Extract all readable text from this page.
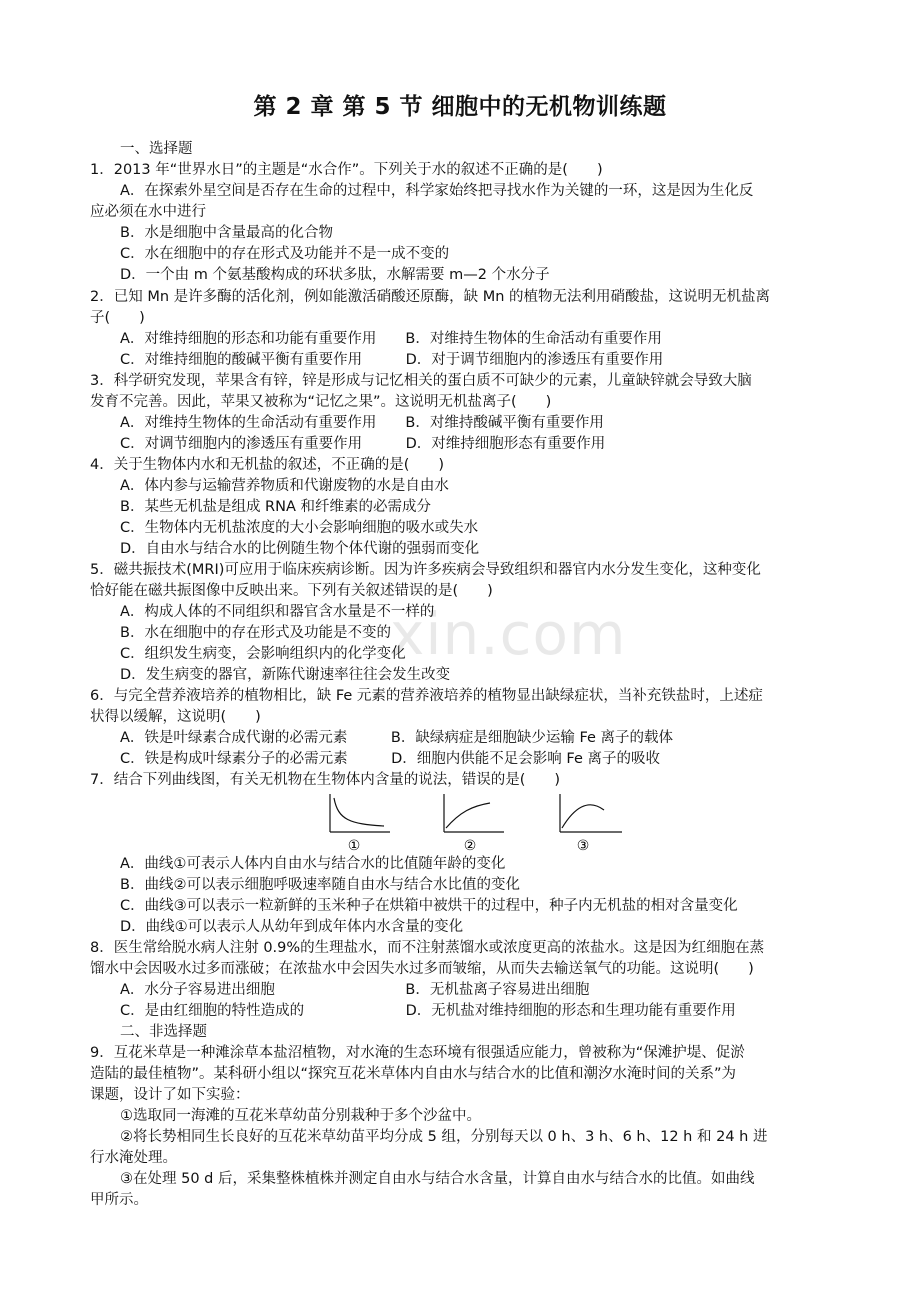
第 2 章 第 5 节 细胞中的无机物训练题
xin.com
一、选择题
1．2013 年“世界水日”的主题是“水合作”。下列关于水的叙述不正确的是(　　)
A．在探索外星空间是否存在生命的过程中，科学家始终把寻找水作为关键的一环，这是因为生化反
应必须在水中进行
B．水是细胞中含量最高的化合物
C．水在细胞中的存在形式及功能并不是一成不变的
D．一个由 m 个氨基酸构成的环状多肽，水解需要 m—2 个水分子
2．已知 Mn 是许多酶的活化剂，例如能激活硝酸还原酶，缺 Mn 的植物无法利用硝酸盐，这说明无机盐离
子(　　)
A．对维持细胞的形态和功能有重要作用　　B．对维持生物体的生命活动有重要作用
C．对维持细胞的酸碱平衡有重要作用　　　D．对于调节细胞内的渗透压有重要作用
3．科学研究发现，苹果含有锌，锌是形成与记忆相关的蛋白质不可缺少的元素，儿童缺锌就会导致大脑
发育不完善。因此，苹果又被称为“记忆之果”。这说明无机盐离子(　　)
A．对维持生物体的生命活动有重要作用　　B．对维持酸碱平衡有重要作用
C．对调节细胞内的渗透压有重要作用　　　D．对维持细胞形态有重要作用
4．关于生物体内水和无机盐的叙述，不正确的是(　　)
A．体内参与运输营养物质和代谢废物的水是自由水
B．某些无机盐是组成 RNA 和纤维素的必需成分
C．生物体内无机盐浓度的大小会影响细胞的吸水或失水
D．自由水与结合水的比例随生物个体代谢的强弱而变化
5．磁共振技术(MRI)可应用于临床疾病诊断。因为许多疾病会导致组织和器官内水分发生变化，这种变化
恰好能在磁共振图像中反映出来。下列有关叙述错误的是(　　)
A．构成人体的不同组织和器官含水量是不一样的
B．水在细胞中的存在形式及功能是不变的
C．组织发生病变，会影响组织内的化学变化
D．发生病变的器官，新陈代谢速率往往会发生改变
6．与完全营养液培养的植物相比，缺 Fe 元素的营养液培养的植物显出缺绿症状，当补充铁盐时，上述症
状得以缓解，这说明(　　)
A．铁是叶绿素合成代谢的必需元素　　　B．缺绿病症是细胞缺少运输 Fe 离子的载体
C．铁是构成叶绿素分子的必需元素　　　D．细胞内供能不足会影响 Fe 离子的吸收
7．结合下列曲线图，有关无机物在生物体内含量的说法，错误的是(　　)
A．曲线①可表示人体内自由水与结合水的比值随年龄的变化
B．曲线②可以表示细胞呼吸速率随自由水与结合水比值的变化
C．曲线③可以表示一粒新鲜的玉米种子在烘箱中被烘干的过程中，种子内无机盐的相对含量变化
D．曲线①可以表示人从幼年到成年体内水含量的变化
8．医生常给脱水病人注射 0.9%的生理盐水，而不注射蒸馏水或浓度更高的浓盐水。这是因为红细胞在蒸
馏水中会因吸水过多而涨破；在浓盐水中会因失水过多而皱缩，从而失去输送氧气的功能。这说明(　　)
A．水分子容易进出细胞　　　　　　　　　B．无机盐离子容易进出细胞
C．是由红细胞的特性造成的　　　　　　　D．无机盐对维持细胞的形态和生理功能有重要作用
二、非选择题
9．互花米草是一种滩涂草本盐沼植物，对水淹的生态环境有很强适应能力，曾被称为“保滩护堤、促淤
造陆的最佳植物”。某科研小组以“探究互花米草体内自由水与结合水的比值和潮汐水淹时间的关系”为
课题，设计了如下实验：
①选取同一海滩的互花米草幼苗分别栽种于多个沙盆中。
②将长势相同生长良好的互花米草幼苗平均分成 5 组，分别每天以 0 h、3 h、6 h、12 h 和 24 h 进
行水淹处理。
③在处理 50 d 后，采集整株植株并测定自由水与结合水含量，计算自由水与结合水的比值。如曲线
甲所示。
①	②	③
